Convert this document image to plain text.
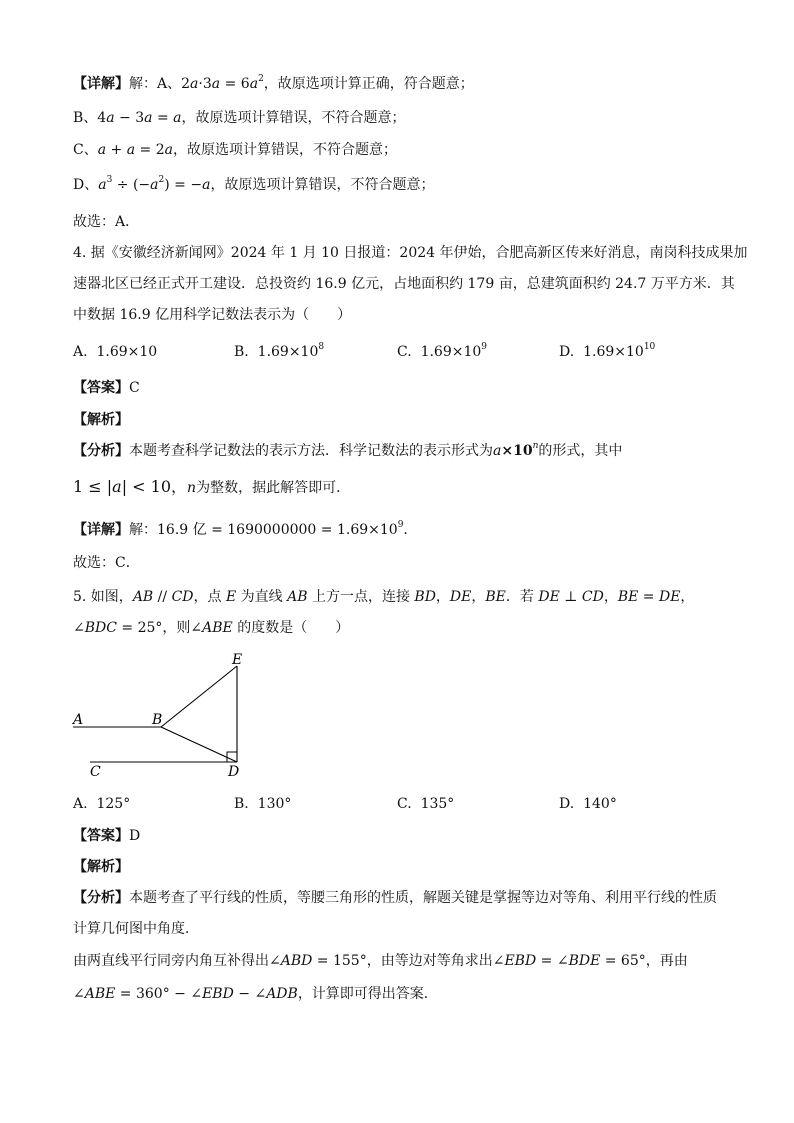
【详解】解：A、$2a\cdot 3a = 6a^2$，故原选项计算正确，符合题意；
B、4a − 3a = a，故原选项计算错误，不符合题意；
C、a + a = 2a，故原选项计算错误，不符合题意；
D、$a^3 \div (-a^2) = -a$，故原选项计算错误，不符合题意；
故选：A．
4. 据《安徽经济新闻网》2024 年 1 月 10 日报道：2024 年伊始，合肥高新区传来好消息，南岗科技成果加
速器北区已经正式开工建设．总投资约 16.9 亿元，占地面积约 179 亩，总建筑面积约 24.7 万平方米．其
中数据 16.9 亿用科学记数法表示为（　　）
A. 1.69×10	B. $1.69\times 10^8$	C. $1.69\times 10^9$	D. $1.69\times 10^{10}$
【答案】C
【解析】
【分析】本题考查科学记数法的表示方法．科学记数法的表示形式为$a\times 10^n$的形式，其中
1 ≤ |a| < 10，n为整数，据此解答即可．
【详解】解：16.9 亿 = $1690000000 = 1.69\times 10^9$．
故选：C．
5. 如图，AB // CD，点 E 为直线 AB 上方一点，连接 BD，DE，BE．若 DE ⊥ CD，BE = DE，
∠BDC = 25°，则∠ABE 的度数是（　　）
A	B
C	D
E
A. 125°	B. 130°	C. 135°	D. 140°
【答案】D
【解析】
【分析】本题考查了平行线的性质，等腰三角形的性质，解题关键是掌握等边对等角、利用平行线的性质
计算几何图中角度．
由两直线平行同旁内角互补得出∠ABD = 155°，由等边对等角求出∠EBD = ∠BDE = 65°，再由
∠ABE = 360° − ∠EBD − ∠ADB，计算即可得出答案．
